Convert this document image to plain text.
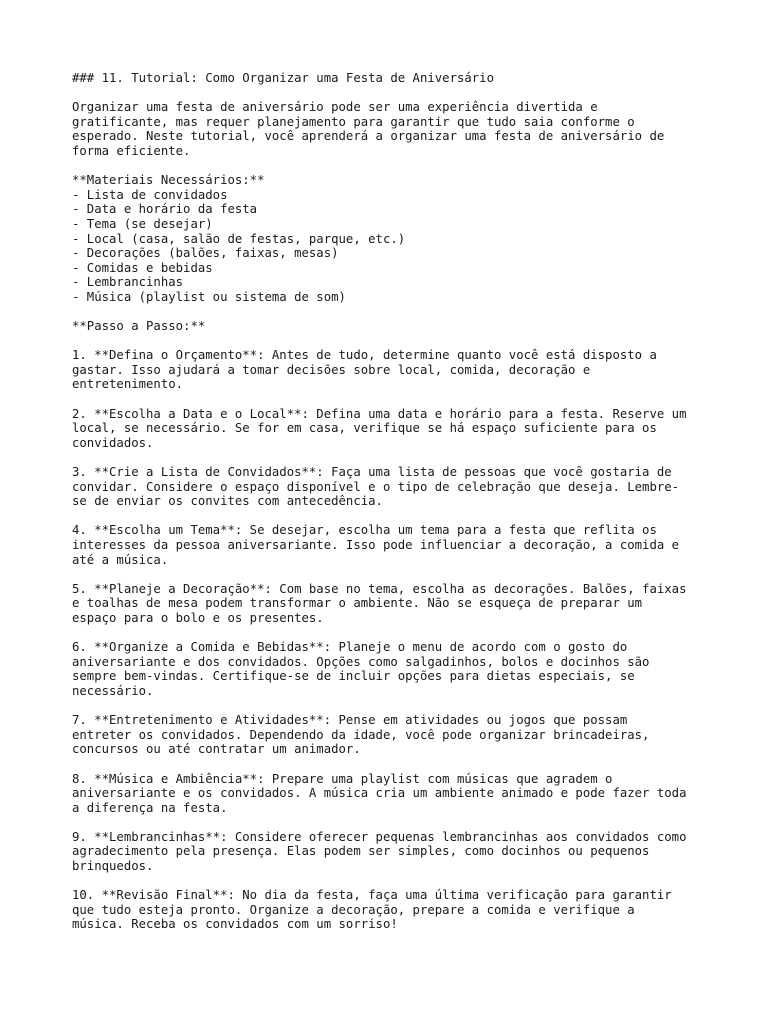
### 11. Tutorial: Como Organizar uma Festa de Aniversário
Organizar uma festa de aniversário pode ser uma experiência divertida e
gratificante, mas requer planejamento para garantir que tudo saia conforme o
esperado. Neste tutorial, você aprenderá a organizar uma festa de aniversário de
forma eficiente.
**Materiais Necessários:**
- Lista de convidados
- Data e horário da festa
- Tema (se desejar)
- Local (casa, salão de festas, parque, etc.)
- Decorações (balões, faixas, mesas)
- Comidas e bebidas
- Lembrancinhas
- Música (playlist ou sistema de som)
**Passo a Passo:**
1. **Defina o Orçamento**: Antes de tudo, determine quanto você está disposto a
gastar. Isso ajudará a tomar decisões sobre local, comida, decoração e
entretenimento.
2. **Escolha a Data e o Local**: Defina uma data e horário para a festa. Reserve um
local, se necessário. Se for em casa, verifique se há espaço suficiente para os
convidados.
3. **Crie a Lista de Convidados**: Faça uma lista de pessoas que você gostaria de
convidar. Considere o espaço disponível e o tipo de celebração que deseja. Lembre-
se de enviar os convites com antecedência.
4. **Escolha um Tema**: Se desejar, escolha um tema para a festa que reflita os
interesses da pessoa aniversariante. Isso pode influenciar a decoração, a comida e
até a música.
5. **Planeje a Decoração**: Com base no tema, escolha as decorações. Balões, faixas
e toalhas de mesa podem transformar o ambiente. Não se esqueça de preparar um
espaço para o bolo e os presentes.
6. **Organize a Comida e Bebidas**: Planeje o menu de acordo com o gosto do
aniversariante e dos convidados. Opções como salgadinhos, bolos e docinhos são
sempre bem-vindas. Certifique-se de incluir opções para dietas especiais, se
necessário.
7. **Entretenimento e Atividades**: Pense em atividades ou jogos que possam
entreter os convidados. Dependendo da idade, você pode organizar brincadeiras,
concursos ou até contratar um animador.
8. **Música e Ambiência**: Prepare uma playlist com músicas que agradem o
aniversariante e os convidados. A música cria um ambiente animado e pode fazer toda
a diferença na festa.
9. **Lembrancinhas**: Considere oferecer pequenas lembrancinhas aos convidados como
agradecimento pela presença. Elas podem ser simples, como docinhos ou pequenos
brinquedos.
10. **Revisão Final**: No dia da festa, faça uma última verificação para garantir
que tudo esteja pronto. Organize a decoração, prepare a comida e verifique a
música. Receba os convidados com um sorriso!
